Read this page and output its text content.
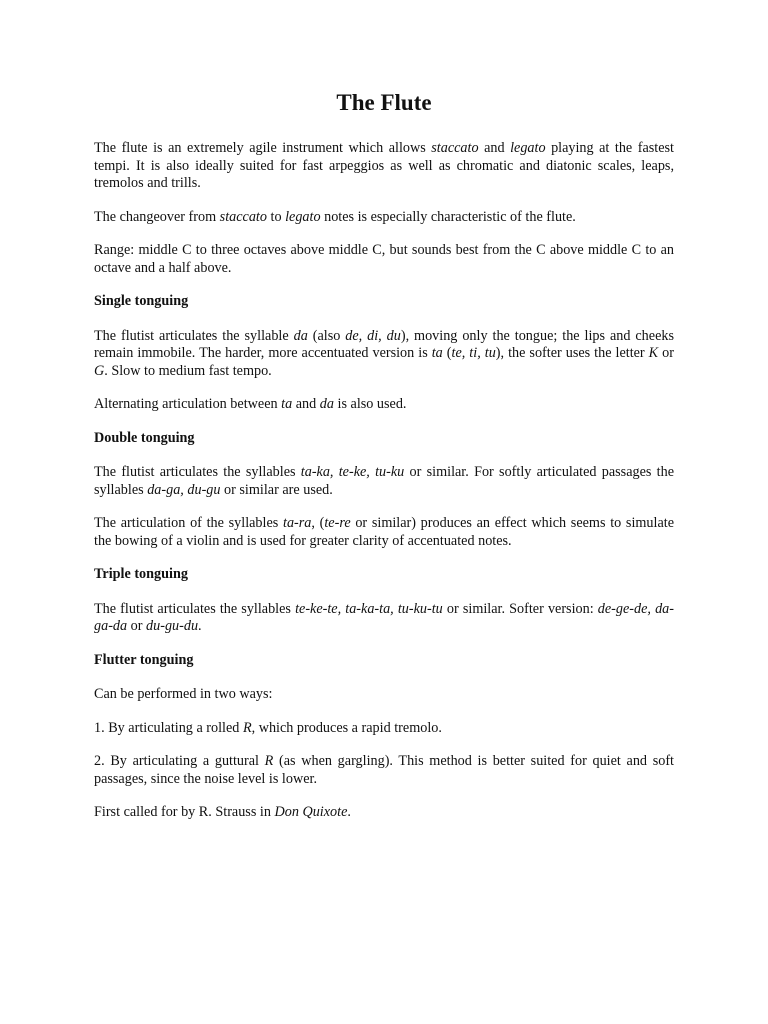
The Flute

The flute is an extremely agile instrument which allows staccato and legato playing at the fastest tempi. It is also ideally suited for fast arpeggios as well as chromatic and diatonic scales, leaps, tremolos and trills.

The changeover from staccato to legato notes is especially characteristic of the flute.

Range: middle C to three octaves above middle C, but sounds best from the C above middle C to an octave and a half above.

Single tonguing

The flutist articulates the syllable da (also de, di, du), moving only the tongue; the lips and cheeks remain immobile. The harder, more accentuated version is ta (te, ti, tu), the softer uses the letter K or G. Slow to medium fast tempo.

Alternating articulation between ta and da is also used.

Double tonguing

The flutist articulates the syllables ta-ka, te-ke, tu-ku or similar. For softly articulated passages the syllables da-ga, du-gu or similar are used.

The articulation of the syllables ta-ra, (te-re or similar) produces an effect which seems to simulate the bowing of a violin and is used for greater clarity of accentuated notes.

Triple tonguing

The flutist articulates the syllables te-ke-te, ta-ka-ta, tu-ku-tu or similar. Softer version: de-ge-de, da-ga-da or du-gu-du.

Flutter tonguing

Can be performed in two ways:

1. By articulating a rolled R, which produces a rapid tremolo.

2. By articulating a guttural R (as when gargling). This method is better suited for quiet and soft passages, since the noise level is lower.

First called for by R. Strauss in Don Quixote.
